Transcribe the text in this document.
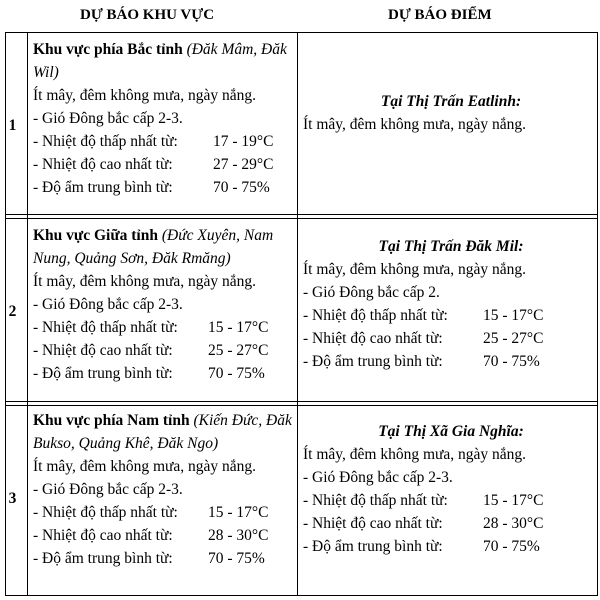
DỰ BÁO KHU VỰC	DỰ BÁO ĐIỂM
1
Khu vực phía Bắc tỉnh (Đăk Mâm, Đăk Wil)
Ít mây, đêm không mưa, ngày nắng.
- Gió Đông bắc cấp 2-3.
- Nhiệt độ thấp nhất từ: 17 - 19°C
- Nhiệt độ cao nhất từ:	27 - 29°C
- Độ ẩm trung bình từ:	70 - 75%
Tại Thị Trấn Eatlinh:
Ít mây, đêm không mưa, ngày nắng.
2
Khu vực Giữa tỉnh (Đức Xuyên, Nam Nung, Quảng Sơn, Đăk Rmăng)
Ít mây, đêm không mưa, ngày nắng.
- Gió Đông bắc cấp 2-3.
- Nhiệt độ thấp nhất từ: 15 - 17°C
- Nhiệt độ cao nhất từ: 25 - 27°C
- Độ ẩm trung bình từ: 70 - 75%
Tại Thị Trấn Đăk Mil:
Ít mây, đêm không mưa, ngày nắng.
- Gió Đông bắc cấp 2.
- Nhiệt độ thấp nhất từ: 15 - 17°C
- Nhiệt độ cao nhất từ:	25 - 27°C
- Độ ẩm trung bình từ:	70 - 75%
3
Khu vực phía Nam tỉnh (Kiến Đức, Đăk Bukso, Quảng Khê, Đăk Ngo)
Ít mây, đêm không mưa, ngày nắng.
- Gió Đông bắc cấp 2-3.
- Nhiệt độ thấp nhất từ: 15 - 17°C
- Nhiệt độ cao nhất từ: 28 - 30°C
- Độ ẩm trung bình từ: 70 - 75%
Tại Thị Xã Gia Nghĩa:
Ít mây, đêm không mưa, ngày nắng.
- Gió Đông bắc cấp 2-3.
- Nhiệt độ thấp nhất từ: 15 - 17°C
- Nhiệt độ cao nhất từ:	28 - 30°C
- Độ ẩm trung bình từ:	70 - 75%
